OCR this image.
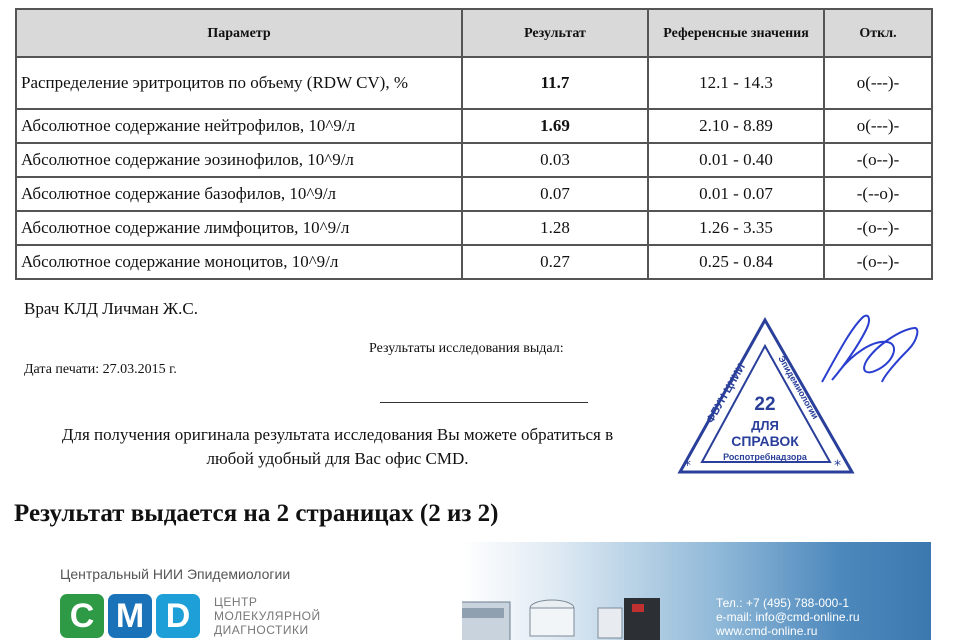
Параметр	Результат	Референсные значения	Откл.
Распределение эритроцитов по объему (RDW CV), %	11.7	12.1 - 14.3	о(---)-
Абсолютное содержание нейтрофилов, 10^9/л	1.69	2.10 - 8.89	о(---)-
Абсолютное содержание эозинофилов, 10^9/л	0.03	0.01 - 0.40	-(о--)-
Абсолютное содержание базофилов, 10^9/л	0.07	0.01 - 0.07	-(--о)-
Абсолютное содержание лимфоцитов, 10^9/л	1.28	1.26 - 3.35	-(о--)-
Абсолютное содержание моноцитов, 10^9/л	0.27	0.25 - 0.84	-(о--)-
Врач КЛД Личман Ж.С.
Результаты исследования выдал:
Дата печати: 27.03.2015 г.
Для получения оригинала результата исследования Вы можете обратиться в любой удобный для Вас офис CMD.	*	*
ФБУН ЦНИИ	Эпидемиологии
22
ДЛЯ
СПРАВОК
Роспотребнадзора
Результат выдается на 2 страницах (2 из 2)
Центральный НИИ Эпидемиологии
C M D	ЦЕНТР
МОЛЕКУЛЯРНОЙ
ДИАГНОСТИКИ
Тел.: +7 (495) 788-000-1
e-mail: info@cmd-online.ru
www.cmd-online.ru
